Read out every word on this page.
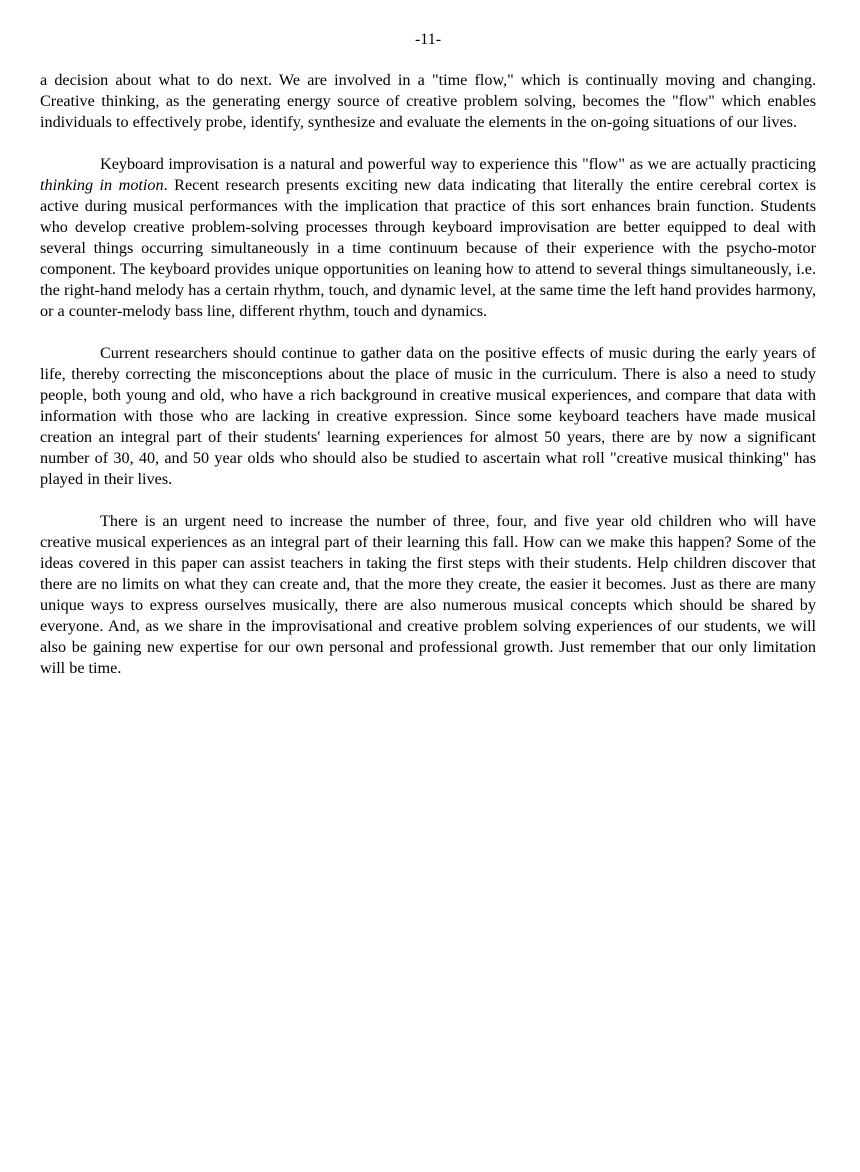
-11-

a decision about what to do next. We are involved in a "time flow," which is continually moving and changing. Creative thinking, as the generating energy source of creative problem solving, becomes the "flow" which enables individuals to effectively probe, identify, synthesize and evaluate the elements in the on-going situations of our lives.

Keyboard improvisation is a natural and powerful way to experience this "flow" as we are actually practicing thinking in motion. Recent research presents exciting new data indicating that literally the entire cerebral cortex is active during musical performances with the implication that practice of this sort enhances brain function. Students who develop creative problem-solving processes through keyboard improvisation are better equipped to deal with several things occurring simultaneously in a time continuum because of their experience with the psycho-motor component. The keyboard provides unique opportunities on leaning how to attend to several things simultaneously, i.e. the right-hand melody has a certain rhythm, touch, and dynamic level, at the same time the left hand provides harmony, or a counter-melody bass line, different rhythm, touch and dynamics.

Current researchers should continue to gather data on the positive effects of music during the early years of life, thereby correcting the misconceptions about the place of music in the curriculum. There is also a need to study people, both young and old, who have a rich background in creative musical experiences, and compare that data with information with those who are lacking in creative expression. Since some keyboard teachers have made musical creation an integral part of their students' learning experiences for almost 50 years, there are by now a significant number of 30, 40, and 50 year olds who should also be studied to ascertain what roll "creative musical thinking" has played in their lives.

There is an urgent need to increase the number of three, four, and five year old children who will have creative musical experiences as an integral part of their learning this fall. How can we make this happen? Some of the ideas covered in this paper can assist teachers in taking the first steps with their students. Help children discover that there are no limits on what they can create and, that the more they create, the easier it becomes. Just as there are many unique ways to express ourselves musically, there are also numerous musical concepts which should be shared by everyone. And, as we share in the improvisational and creative problem solving experiences of our students, we will also be gaining new expertise for our own personal and professional growth. Just remember that our only limitation will be time.
